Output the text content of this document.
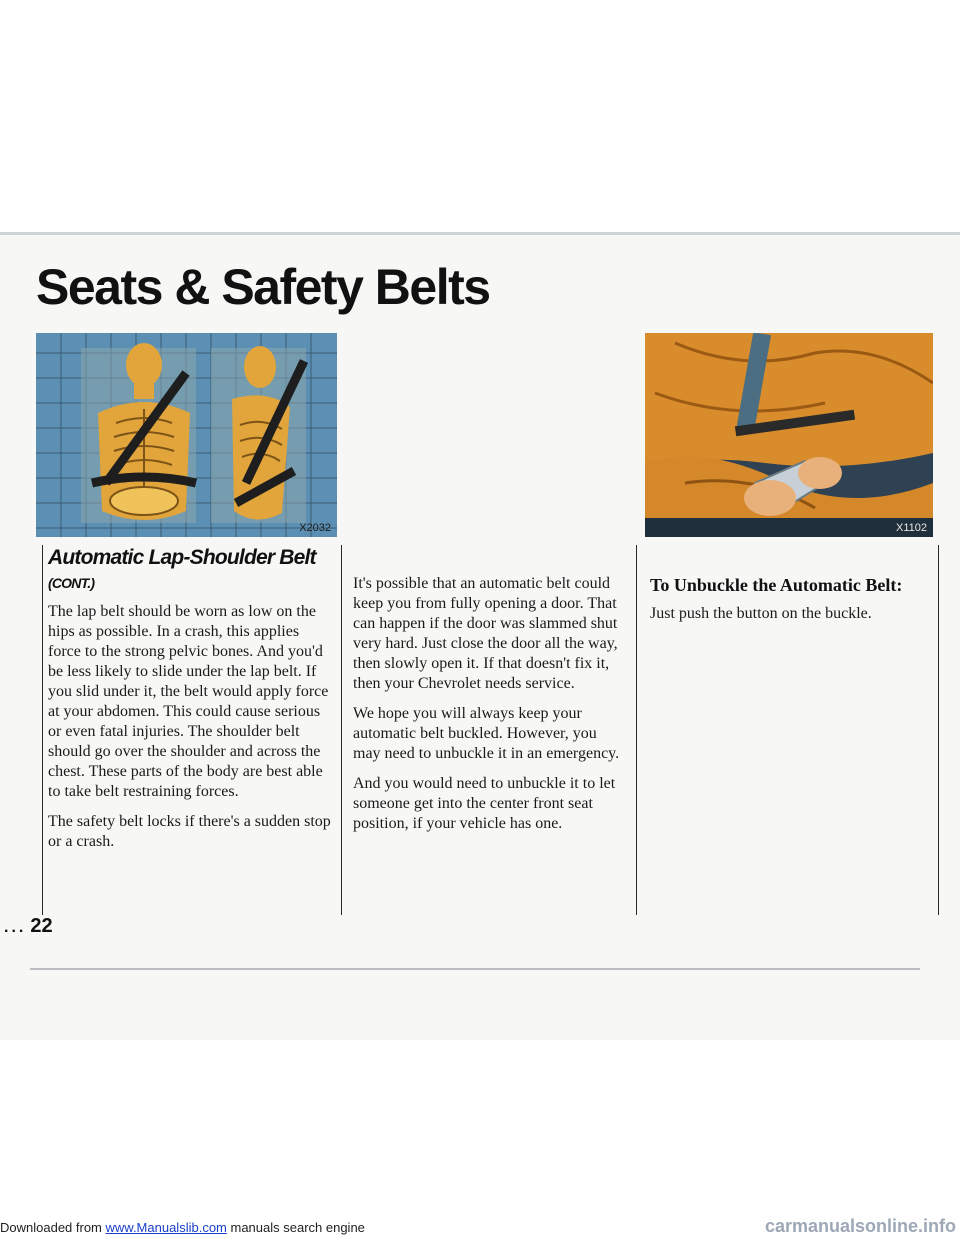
Seats & Safety Belts
X2032	X1102
Automatic Lap-Shoulder Belt (CONT.)

The lap belt should be worn as low on the hips as possible. In a crash, this applies force to the strong pelvic bones. And you'd be less likely to slide under the lap belt. If you slid under it, the belt would apply force at your abdomen. This could cause serious or even fatal injuries. The shoulder belt should go over the shoulder and across the chest. These parts of the body are best able to take belt restraining forces.

The safety belt locks if there's a sudden stop or a crash.

It's possible that an automatic belt could keep you from fully opening a door. That can happen if the door was slammed shut very hard. Just close the door all the way, then slowly open it. If that doesn't fix it, then your Chevrolet needs service.

We hope you will always keep your automatic belt buckled. However, you may need to unbuckle it in an emergency.

And you would need to unbuckle it to let someone get into the center front seat position, if your vehicle has one.

To Unbuckle the Automatic Belt:

Just push the button on the buckle.

... 22

Downloaded from www.Manualslib.com manuals search engine	carmanualsonline.info
